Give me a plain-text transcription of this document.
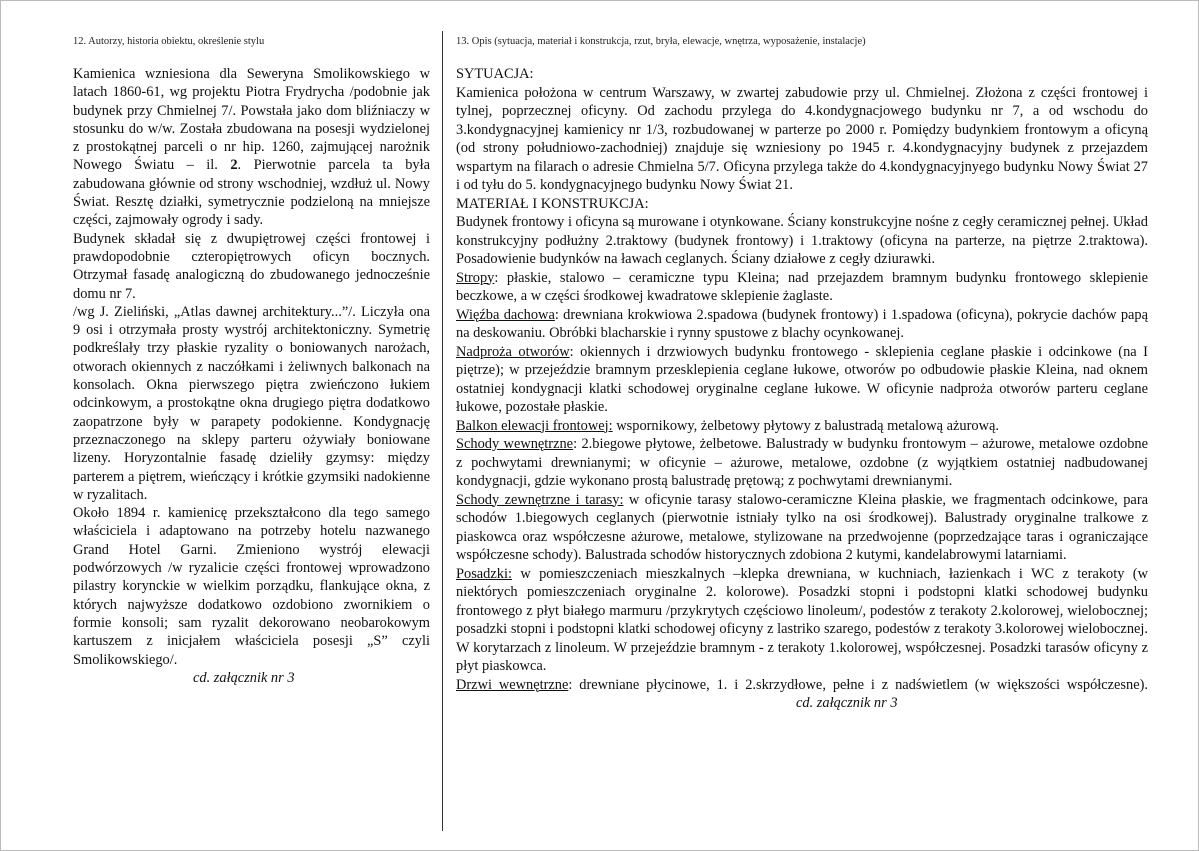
12. Autorzy, historia obiektu, określenie stylu	13. Opis (sytuacja, materiał i konstrukcja, rzut, bryła, elewacje, wnętrza, wyposażenie, instalacje)

Kamienica wzniesiona dla Seweryna Smolikowskiego w latach 1860-61, wg projektu Piotra Frydrycha /podobnie jak budynek przy Chmielnej 7/. Powstała jako dom bliźniaczy w stosunku do w/w. Została zbudowana na posesji wydzielonej z prostokątnej parceli o nr hip. 1260, zajmującej narożnik Nowego Światu – il. 2. Pierwotnie parcela ta była zabudowana głównie od strony wschodniej, wzdłuż ul. Nowy Świat. Resztę działki, symetrycznie podzieloną na mniejsze części, zajmowały ogrody i sady.

Budynek składał się z dwupiętrowej części frontowej i prawdopodobnie czteropiętrowych oficyn bocznych. Otrzymał fasadę analogiczną do zbudowanego jednocześnie domu nr 7.

/wg J. Zieliński, „Atlas dawnej architektury...”/. Liczyła ona 9 osi i otrzymała prosty wystrój architektoniczny. Symetrię podkreślały trzy płaskie ryzality o boniowanych narożach, otworach okiennych z naczółkami i żeliwnych balkonach na konsolach. Okna pierwszego piętra zwieńczono łukiem odcinkowym, a prostokątne okna drugiego piętra dodatkowo zaopatrzone były w parapety podokienne. Kondygnację przeznaczonego na sklepy parteru ożywiały boniowane lizeny. Horyzontalnie fasadę dzieliły gzymsy: między parterem a piętrem, wieńczący i krótkie gzymsiki nadokienne w ryzalitach.

Około 1894 r. kamienicę przekształcono dla tego samego właściciela i adaptowano na potrzeby hotelu nazwanego Grand Hotel Garni. Zmieniono wystrój elewacji podwórzowych /w ryzalicie części frontowej wprowadzono pilastry korynckie w wielkim porządku, flankujące okna, z których najwyższe dodatkowo ozdobiono zwornikiem o formie konsoli; sam ryzalit dekorowano neobarokowym kartuszem z inicjałem właściciela posesji „S” czyli Smolikowskiego/.

cd. załącznik nr 3

SYTUACJA:

Kamienica położona w centrum Warszawy, w zwartej zabudowie przy ul. Chmielnej. Złożona z części frontowej i tylnej, poprzecznej oficyny. Od zachodu przylega do 4.kondygnacjowego budynku nr 7, a od wschodu do 3.kondygnacyjnej kamienicy nr 1/3, rozbudowanej w parterze po 2000 r. Pomiędzy budynkiem frontowym a oficyną (od strony południowo-zachodniej) znajduje się wzniesiony po 1945 r. 4.kondygnacyjny budynek z przejazdem wspartym na filarach o adresie Chmielna 5/7. Oficyna przylega także do 4.kondygnacyjnyego budynku Nowy Świat 27 i od tyłu do 5. kondygnacyjnego budynku Nowy Świat 21.

MATERIAŁ I KONSTRUKCJA:

Budynek frontowy i oficyna są murowane i otynkowane. Ściany konstrukcyjne nośne z cegły ceramicznej pełnej. Układ konstrukcyjny podłużny 2.traktowy (budynek frontowy) i 1.traktowy (oficyna na parterze, na piętrze 2.traktowa). Posadowienie budynków na ławach ceglanych. Ściany działowe z cegły dziurawki.

Stropy: płaskie, stalowo – ceramiczne typu Kleina; nad przejazdem bramnym budynku frontowego sklepienie beczkowe, a w części środkowej kwadratowe sklepienie żaglaste.

Więźba dachowa: drewniana krokwiowa 2.spadowa (budynek frontowy) i 1.spadowa (oficyna), pokrycie dachów papą na deskowaniu. Obróbki blacharskie i rynny spustowe z blachy ocynkowanej.

Nadproża otworów: okiennych i drzwiowych budynku frontowego - sklepienia ceglane płaskie i odcinkowe (na I piętrze); w przejeździe bramnym przesklepienia ceglane łukowe, otworów po odbudowie płaskie Kleina, nad oknem ostatniej kondygnacji klatki schodowej oryginalne ceglane łukowe. W oficynie nadproża otworów parteru ceglane łukowe, pozostałe płaskie.

Balkon elewacji frontowej: wspornikowy, żelbetowy płytowy z balustradą metalową ażurową.

Schody wewnętrzne: 2.biegowe płytowe, żelbetowe. Balustrady w budynku frontowym – ażurowe, metalowe ozdobne z pochwytami drewnianymi; w oficynie – ażurowe, metalowe, ozdobne (z wyjątkiem ostatniej nadbudowanej kondygnacji, gdzie wykonano prostą balustradę prętową; z pochwytami drewnianymi.

Schody zewnętrzne i tarasy: w oficynie tarasy stalowo-ceramiczne Kleina płaskie, we fragmentach odcinkowe, para schodów 1.biegowych ceglanych (pierwotnie istniały tylko na osi środkowej). Balustrady oryginalne tralkowe z piaskowca oraz współczesne ażurowe, metalowe, stylizowane na przedwojenne (poprzedzające taras i ograniczające współczesne schody). Balustrada schodów historycznych zdobiona 2 kutymi, kandelabrowymi latarniami.

Posadzki: w pomieszczeniach mieszkalnych –klepka drewniana, w kuchniach, łazienkach i WC z terakoty (w niektórych pomieszczeniach oryginalne 2. kolorowe). Posadzki stopni i podstopni klatki schodowej budynku frontowego z płyt białego marmuru /przykrytych częściowo linoleum/, podestów z terakoty 2.kolorowej, wielobocznej; posadzki stopni i podstopni klatki schodowej oficyny z lastriko szarego, podestów z terakoty 3.kolorowej wielobocznej. W korytarzach z linoleum. W przejeździe bramnym - z terakoty 1.kolorowej, współczesnej. Posadzki tarasów oficyny z płyt piaskowca.

Drzwi wewnętrzne: drewniane płycinowe, 1. i 2.skrzydłowe, pełne i z nadświetlem (w większości współczesne).cd. załącznik nr 3
